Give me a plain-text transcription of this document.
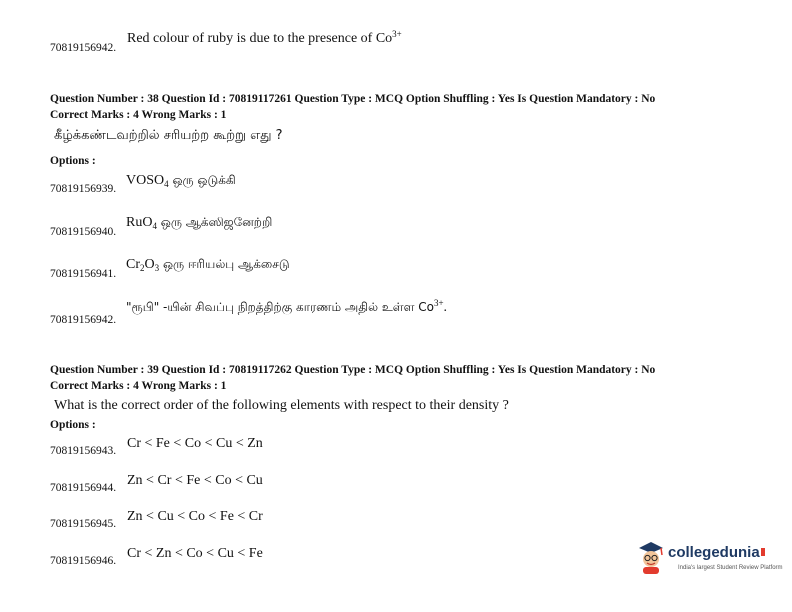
70819156942.
Red colour of ruby is due to the presence of $Co^{3+}$
Question Number : 38 Question Id : 70819117261 Question Type : MCQ Option Shuffling : Yes Is Question Mandatory : No
Correct Marks : 4 Wrong Marks : 1
கீழ்க்கண்டவற்றில் சரியற்ற கூற்று எது ?
Options :
70819156939.
$VOSO_4$ ஒரு ஒடுக்கி
70819156940.
RuO$_4$ ஒரு ஆக்ஸிஜனேற்றி
70819156941.
$Cr_2O_3$ ஒரு ஈரியல்பு ஆக்சைடு
70819156942.
"ரூபி" -யின் சிவப்பு நிறத்திற்கு காரணம் அதில் உள்ள $Co^{3+}$.
Question Number : 39 Question Id : 70819117262 Question Type : MCQ Option Shuffling : Yes Is Question Mandatory : No
Correct Marks : 4 Wrong Marks : 1
What is the correct order of the following elements with respect to their density ?
Options :
70819156943. Cr < Fe < Co < Cu < Zn
70819156944. Zn < Cr < Fe < Co < Cu
70819156945. Zn < Cu < Co < Fe < Cr
70819156946. Cr < Zn < Co < Cu < Fe	collegedunia
India's largest Student Review Platform
